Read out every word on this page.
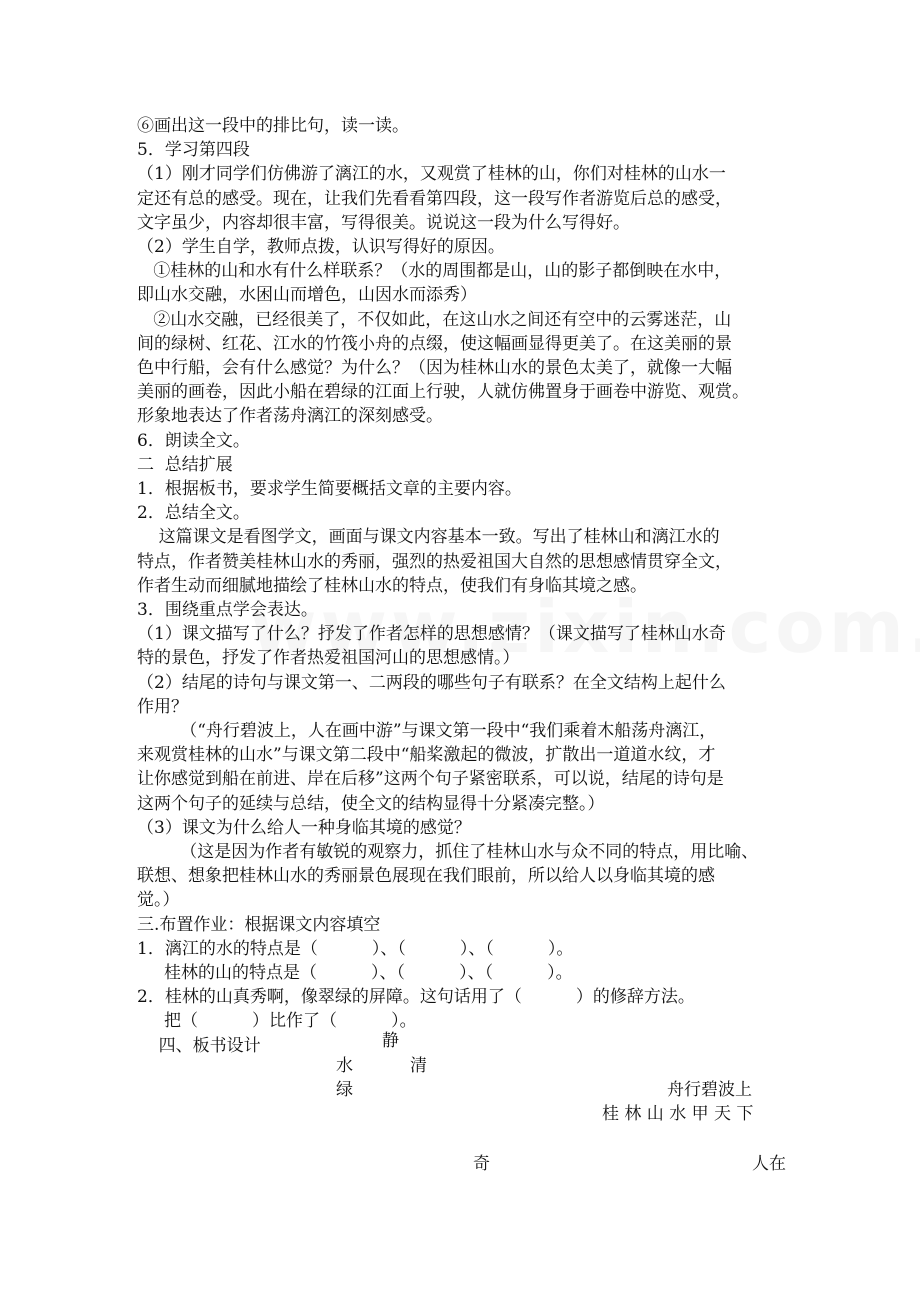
⑥画出这一段中的排比句，读一读。
5．学习第四段
（1）刚才同学们仿佛游了漓江的水，又观赏了桂林的山，你们对桂林的山水一
定还有总的感受。现在，让我们先看看第四段，这一段写作者游览后总的感受，
文字虽少，内容却很丰富，写得很美。说说这一段为什么写得好。
（2）学生自学，教师点拨，认识写得好的原因。
①桂林的山和水有什么样联系？（水的周围都是山，山的影子都倒映在水中，
即山水交融，水困山而增色，山因水而添秀）
②山水交融，已经很美了，不仅如此，在这山水之间还有空中的云雾迷茫，山
间的绿树、红花、江水的竹筏小舟的点缀，使这幅画显得更美了。在这美丽的景
色中行船，会有什么感觉？为什么？（因为桂林山水的景色太美了，就像一大幅
美丽的画卷，因此小船在碧绿的江面上行驶，人就仿佛置身于画卷中游览、观赏。
形象地表达了作者荡舟漓江的深刻感受。
6．朗读全文。
二  总结扩展
1．根据板书，要求学生简要概括文章的主要内容。
2．总结全文。
这篇课文是看图学文，画面与课文内容基本一致。写出了桂林山和漓江水的
特点，作者赞美桂林山水的秀丽，强烈的热爱祖国大自然的思想感情贯穿全文，
作者生动而细腻地描绘了桂林山水的特点，使我们有身临其境之感。
3．围绕重点学会表达。
（1）课文描写了什么？抒发了作者怎样的思想感情？（课文描写了桂林山水奇
特的景色，抒发了作者热爱祖国河山的思想感情。）
（2）结尾的诗句与课文第一、二两段的哪些句子有联系？在全文结构上起什么
作用？
（“舟行碧波上，人在画中游”与课文第一段中“我们乘着木船荡舟漓江，
来观赏桂林的山水”与课文第二段中“船桨激起的微波，扩散出一道道水纹，才
让你感觉到船在前进、岸在后移”这两个句子紧密联系，可以说，结尾的诗句是
这两个句子的延续与总结，使全文的结构显得十分紧凑完整。）
（3）课文为什么给人一种身临其境的感觉？
（这是因为作者有敏锐的观察力，抓住了桂林山水与众不同的特点，用比喻、
联想、想象把桂林山水的秀丽景色展现在我们眼前，所以给人以身临其境的感
觉。）
三.布置作业：根据课文内容填空
1．漓江的水的特点是（          ）、（          ）、（          ）。
桂林的山的特点是（          ）、（          ）、（          ）。
2．桂林的山真秀啊，像翠绿的屏障。这句话用了（          ）的修辞方法。
把（          ）比作了（          ）。
四、板书设计	静
水	清
绿	舟行碧波上
桂 林 山 水 甲 天 下
奇	人在
